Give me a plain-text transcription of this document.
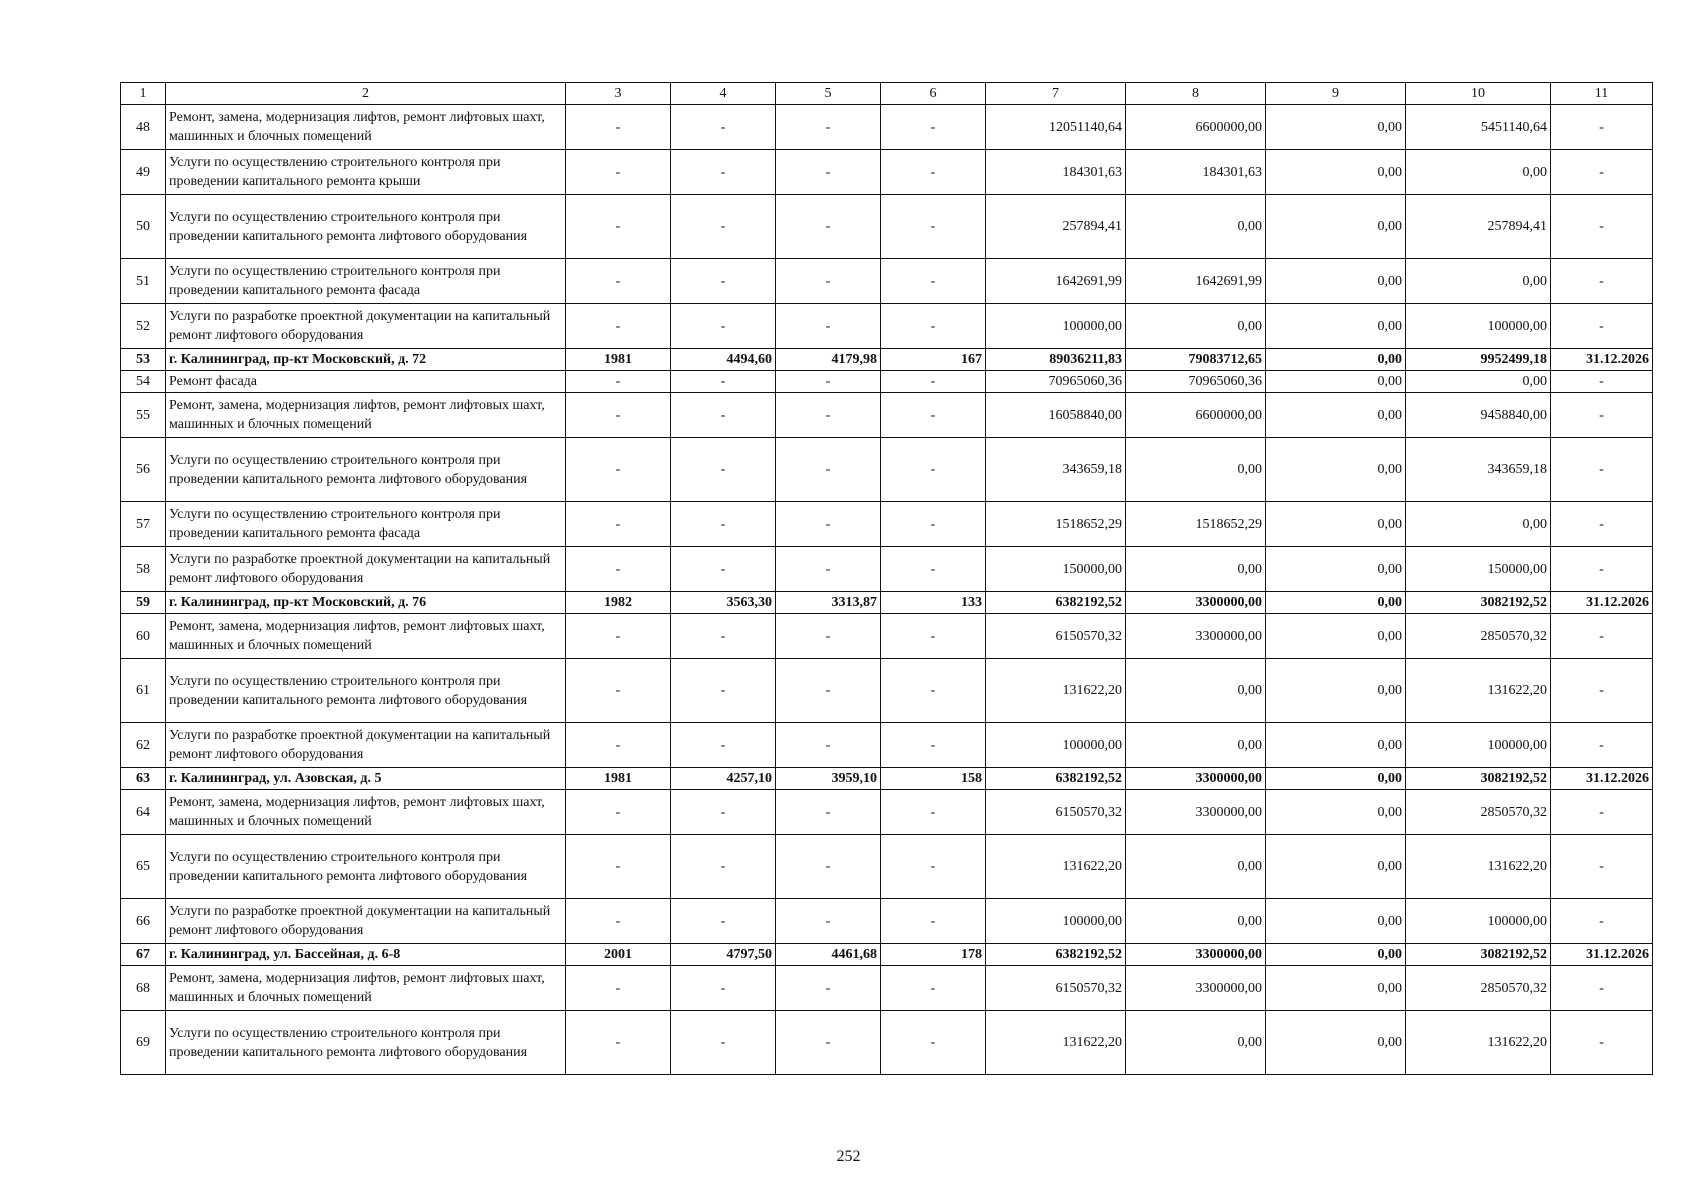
1	2	3	4	5	6	7	8	9	10	11
48	Ремонт, замена, модернизация лифтов, ремонт лифтовых шахт, машинных и блочных помещений	-	-	-	-	12051140,64	6600000,00	0,00	5451140,64	-
49	Услуги по осуществлению строительного контроля при проведении капитального ремонта крыши	-	-	-	-	184301,63	184301,63	0,00	0,00	-
50	Услуги по осуществлению строительного контроля при проведении капитального ремонта лифтового оборудования	-	-	-	-	257894,41	0,00	0,00	257894,41	-
51	Услуги по осуществлению строительного контроля при проведении капитального ремонта фасада	-	-	-	-	1642691,99	1642691,99	0,00	0,00	-
52	Услуги по разработке проектной документации на капитальный ремонт лифтового оборудования	-	-	-	-	100000,00	0,00	0,00	100000,00	-
53	г. Калининград, пр-кт Московский, д. 72	1981	4494,60	4179,98	167	89036211,83	79083712,65	0,00	9952499,18	31.12.2026
54	Ремонт фасада	-	-	-	-	70965060,36	70965060,36	0,00	0,00	-
55	Ремонт, замена, модернизация лифтов, ремонт лифтовых шахт, машинных и блочных помещений	-	-	-	-	16058840,00	6600000,00	0,00	9458840,00	-
56	Услуги по осуществлению строительного контроля при проведении капитального ремонта лифтового оборудования	-	-	-	-	343659,18	0,00	0,00	343659,18	-
57	Услуги по осуществлению строительного контроля при проведении капитального ремонта фасада	-	-	-	-	1518652,29	1518652,29	0,00	0,00	-
58	Услуги по разработке проектной документации на капитальный ремонт лифтового оборудования	-	-	-	-	150000,00	0,00	0,00	150000,00	-
59	г. Калининград, пр-кт Московский, д. 76	1982	3563,30	3313,87	133	6382192,52	3300000,00	0,00	3082192,52	31.12.2026
60	Ремонт, замена, модернизация лифтов, ремонт лифтовых шахт, машинных и блочных помещений	-	-	-	-	6150570,32	3300000,00	0,00	2850570,32	-
61	Услуги по осуществлению строительного контроля при проведении капитального ремонта лифтового оборудования	-	-	-	-	131622,20	0,00	0,00	131622,20	-
62	Услуги по разработке проектной документации на капитальный ремонт лифтового оборудования	-	-	-	-	100000,00	0,00	0,00	100000,00	-
63	г. Калининград, ул. Азовская, д. 5	1981	4257,10	3959,10	158	6382192,52	3300000,00	0,00	3082192,52	31.12.2026
64	Ремонт, замена, модернизация лифтов, ремонт лифтовых шахт, машинных и блочных помещений	-	-	-	-	6150570,32	3300000,00	0,00	2850570,32	-
65	Услуги по осуществлению строительного контроля при проведении капитального ремонта лифтового оборудования	-	-	-	-	131622,20	0,00	0,00	131622,20	-
66	Услуги по разработке проектной документации на капитальный ремонт лифтового оборудования	-	-	-	-	100000,00	0,00	0,00	100000,00	-
67	г. Калининград, ул. Бассейная, д. 6-8	2001	4797,50	4461,68	178	6382192,52	3300000,00	0,00	3082192,52	31.12.2026
68	Ремонт, замена, модернизация лифтов, ремонт лифтовых шахт, машинных и блочных помещений	-	-	-	-	6150570,32	3300000,00	0,00	2850570,32	-
69	Услуги по осуществлению строительного контроля при проведении капитального ремонта лифтового оборудования	-	-	-	-	131622,20	0,00	0,00	131622,20	-
252
